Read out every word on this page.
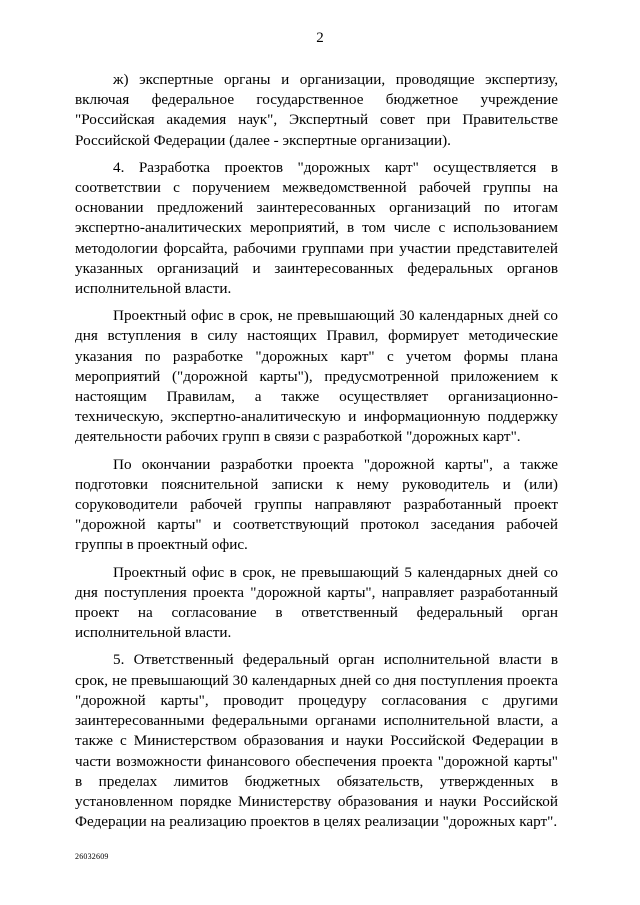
2

ж) экспертные органы и организации, проводящие экспертизу, включая федеральное государственное бюджетное учреждение "Российская академия наук", Экспертный совет при Правительстве Российской Федерации (далее - экспертные организации).

4. Разработка проектов "дорожных карт" осуществляется в соответствии с поручением межведомственной рабочей группы на основании предложений заинтересованных организаций по итогам экспертно-аналитических мероприятий, в том числе с использованием методологии форсайта, рабочими группами при участии представителей указанных организаций и заинтересованных федеральных органов исполнительной власти.

Проектный офис в срок, не превышающий 30 календарных дней со дня вступления в силу настоящих Правил, формирует методические указания по разработке "дорожных карт" с учетом формы плана мероприятий ("дорожной карты"), предусмотренной приложением к настоящим Правилам, а также осуществляет организационно-техническую, экспертно-аналитическую и информационную поддержку деятельности рабочих групп в связи с разработкой "дорожных карт".

По окончании разработки проекта "дорожной карты", а также подготовки пояснительной записки к нему руководитель и (или) соруководители рабочей группы направляют разработанный проект "дорожной карты" и соответствующий протокол заседания рабочей группы в проектный офис.

Проектный офис в срок, не превышающий 5 календарных дней со дня поступления проекта "дорожной карты", направляет разработанный проект на согласование в ответственный федеральный орган исполнительной власти.

5. Ответственный федеральный орган исполнительной власти в срок, не превышающий 30 календарных дней со дня поступления проекта "дорожной карты", проводит процедуру согласования с другими заинтересованными федеральными органами исполнительной власти, а также с Министерством образования и науки Российской Федерации в части возможности финансового обеспечения проекта "дорожной карты" в пределах лимитов бюджетных обязательств, утвержденных в установленном порядке Министерству образования и науки Российской Федерации на реализацию проектов в целях реализации "дорожных карт".

26032609
